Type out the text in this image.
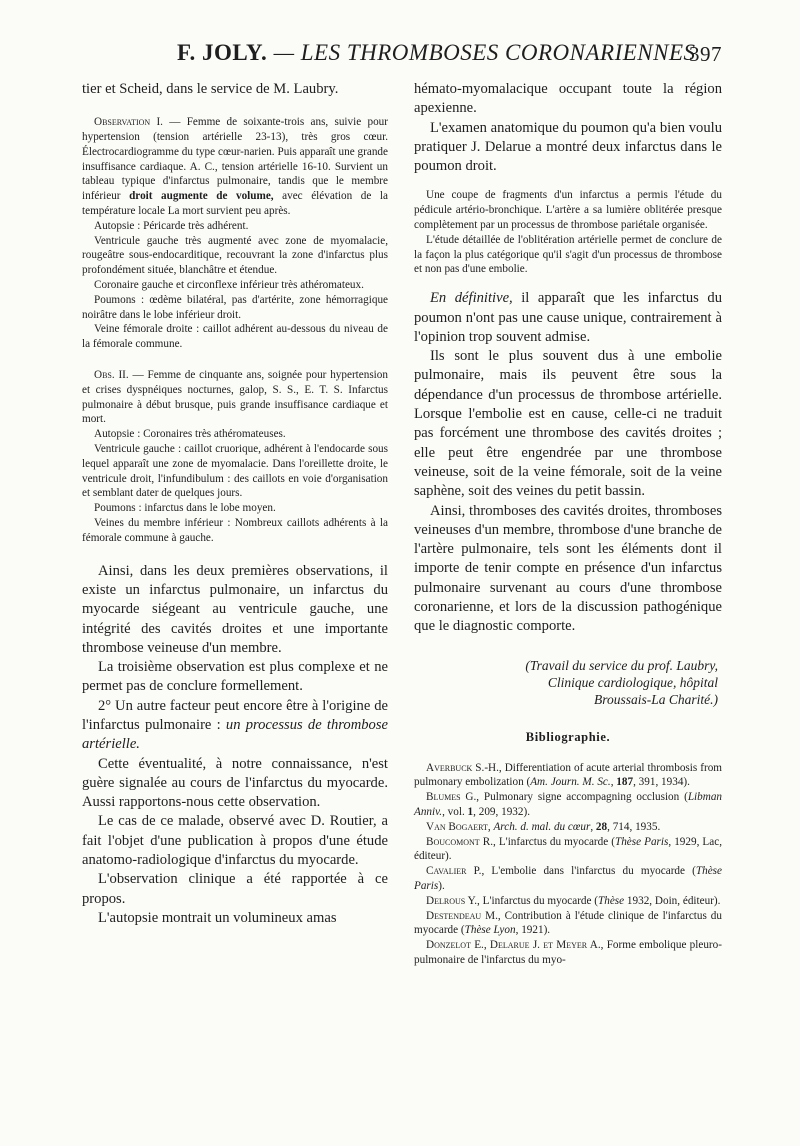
F. JOLY. — LES THROMBOSES CORONARIENNES
397

tier et Scheid, dans le service de M. Laubry.

Observation I. — Femme de soixante-trois ans, suivie pour hypertension (tension artérielle 23-13), très gros cœur. Électrocardiogramme du type cœur-narien. Puis apparaît une grande insuffisance cardiaque. A. C., tension artérielle 16-10. Survient un tableau typique d'infarctus pulmonaire, tandis que le membre inférieur droit augmente de volume, avec élévation de la température locale La mort survient peu après.

Autopsie : Péricarde très adhérent.

Ventricule gauche très augmenté avec zone de myomalacie, rougeâtre sous-endocarditique, recouvrant la zone d'infarctus plus profondément située, blanchâtre et étendue.

Coronaire gauche et circonflexe inférieur très athéromateux.

Poumons : œdème bilatéral, pas d'artérite, zone hémorragique noirâtre dans le lobe inférieur droit.

Veine fémorale droite : caillot adhérent au-dessous du niveau de la fémorale commune.

Obs. II. — Femme de cinquante ans, soignée pour hypertension et crises dyspnéiques nocturnes, galop, S. S., E. T. S. Infarctus pulmonaire à début brusque, puis grande insuffisance cardiaque et mort.

Autopsie : Coronaires très athéromateuses.

Ventricule gauche : caillot cruorique, adhérent à l'endocarde sous lequel apparaît une zone de myomalacie. Dans l'oreillette droite, le ventricule droit, l'infundibulum : des caillots en voie d'organisation et semblant dater de quelques jours.

Poumons : infarctus dans le lobe moyen.

Veines du membre inférieur : Nombreux caillots adhérents à la fémorale commune à gauche.

Ainsi, dans les deux premières observations, il existe un infarctus pulmonaire, un infarctus du myocarde siégeant au ventricule gauche, une intégrité des cavités droites et une importante thrombose veineuse d'un membre.

La troisième observation est plus complexe et ne permet pas de conclure formellement.

2° Un autre facteur peut encore être à l'origine de l'infarctus pulmonaire : un processus de thrombose artérielle.

Cette éventualité, à notre connaissance, n'est guère signalée au cours de l'infarctus du myocarde. Aussi rapportons-nous cette observation.

Le cas de ce malade, observé avec D. Routier, a fait l'objet d'une publication à propos d'une étude anatomo-radiologique d'infarctus du myocarde.

L'observation clinique a été rapportée à ce propos.

L'autopsie montrait un volumineux amas

hémato-myomalacique occupant toute la région apexienne.

L'examen anatomique du poumon qu'a bien voulu pratiquer J. Delarue a montré deux infarctus dans le poumon droit.

Une coupe de fragments d'un infarctus a permis l'étude du pédicule artério-bronchique. L'artère a sa lumière oblitérée presque complètement par un processus de thrombose pariétale organisée.

L'étude détaillée de l'oblitération artérielle permet de conclure de la façon la plus catégorique qu'il s'agit d'un processus de thrombose et non pas d'une embolie.

En définitive, il apparaît que les infarctus du poumon n'ont pas une cause unique, contrairement à l'opinion trop souvent admise.

Ils sont le plus souvent dus à une embolie pulmonaire, mais ils peuvent être sous la dépendance d'un processus de thrombose artérielle. Lorsque l'embolie est en cause, celle-ci ne traduit pas forcément une thrombose des cavités droites ; elle peut être engendrée par une thrombose veineuse, soit de la veine fémorale, soit de la veine saphène, soit des veines du petit bassin.

Ainsi, thromboses des cavités droites, thromboses veineuses d'un membre, thrombose d'une branche de l'artère pulmonaire, tels sont les éléments dont il importe de tenir compte en présence d'un infarctus pulmonaire survenant au cours d'une thrombose coronarienne, et lors de la discussion pathogénique que le diagnostic comporte.

(Travail du service du prof. Laubry,
Clinique cardiologique, hôpital
Broussais-La Charité.)
Bibliographie.

Averbuck S.-H., Differentiation of acute arterial thrombosis from pulmonary embolization (Am. Journ. M. Sc., 187, 391, 1934).

Blumes G., Pulmonary signe accompagning occlusion (Libman Anniv., vol. 1, 209, 1932).

Van Bogaert, Arch. d. mal. du cœur, 28, 714, 1935.

Boucomont R., L'infarctus du myocarde (Thèse Paris, 1929, Lac, éditeur).

Cavalier P., L'embolie dans l'infarctus du myocarde (Thèse Paris).

Delrous Y., L'infarctus du myocarde (Thèse 1932, Doin, éditeur).

Destendeau M., Contribution à l'étude clinique de l'infarctus du myocarde (Thèse Lyon, 1921).

Donzelot E., Delarue J. et Meyer A., Forme embolique pleuro-pulmonaire de l'infarctus du myo-
